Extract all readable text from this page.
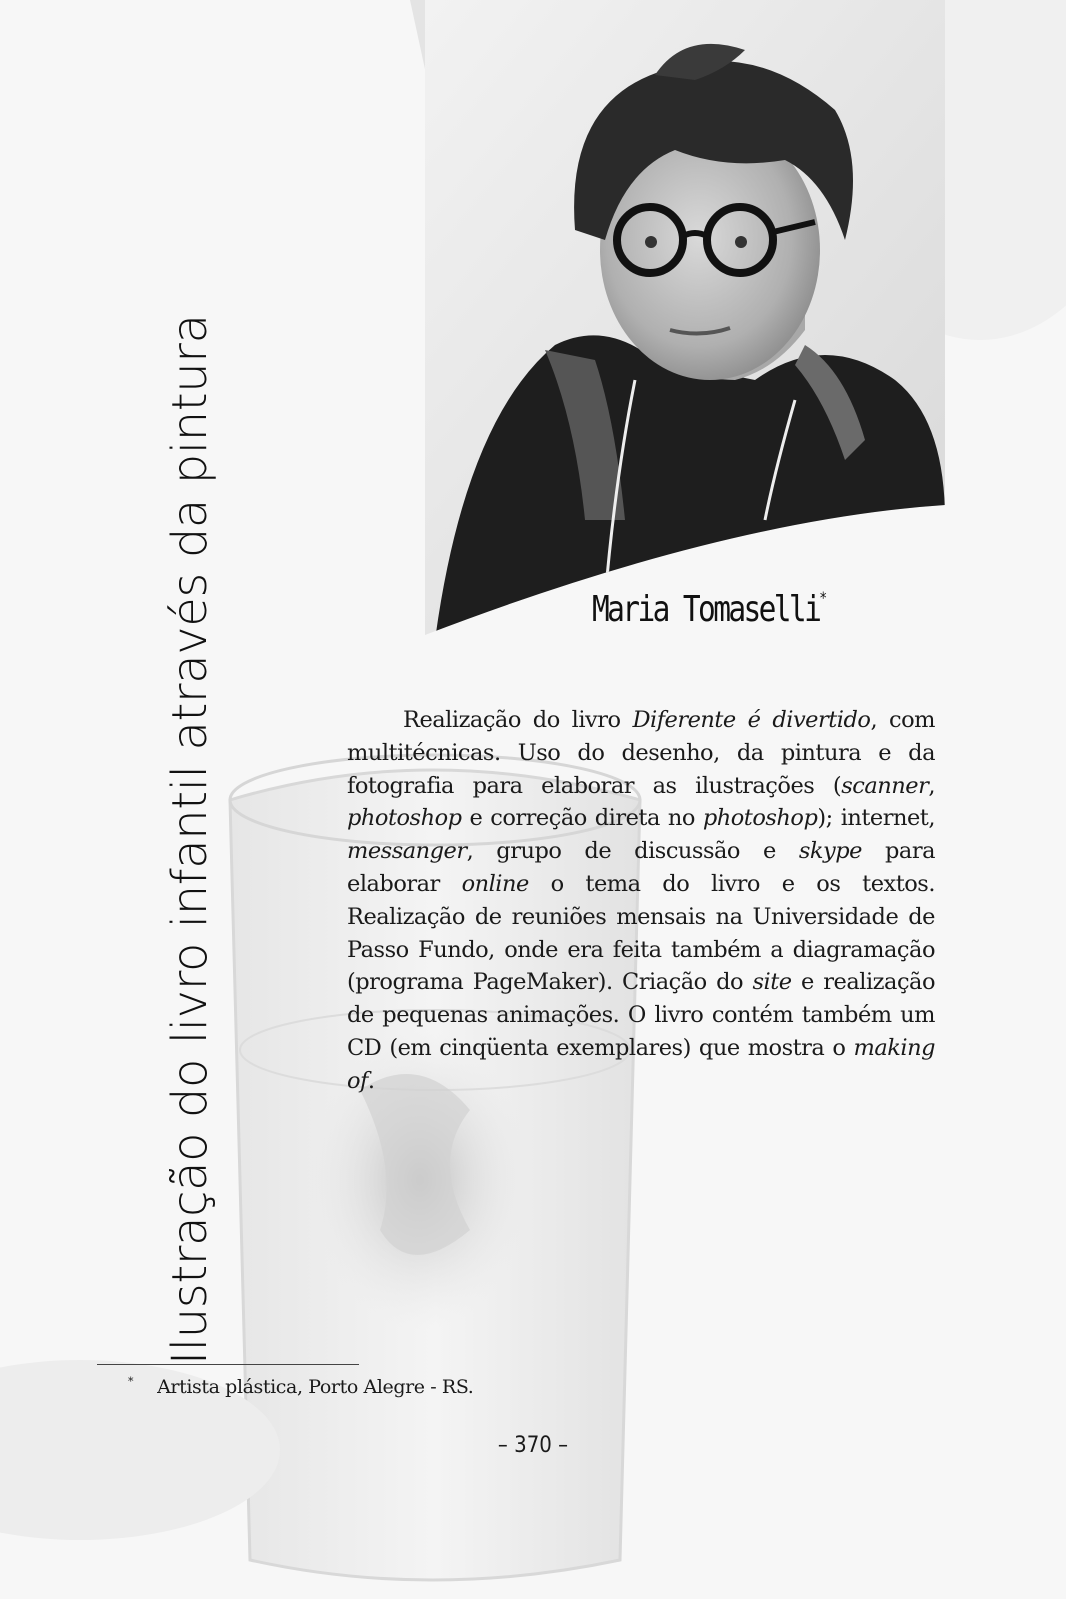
Ilustração do livro infantil através da pintura	Maria Tomaselli*

Realização do livro Diferente é divertido, com multitécnicas. Uso do desenho, da pintura e da fotografia para elaborar as ilustrações (scanner, photoshop e correção direta no photoshop); internet, messanger, grupo de discussão e skype para elaborar online o tema do livro e os textos. Realização de reuniões mensais na Universidade de Passo Fundo, onde era feita também a diagramação (programa PageMaker). Criação do site e realização de pequenas animações. O livro contém também um CD (em cinqüenta exemplares) que mostra o making of.

* Artista plástica, Porto Alegre - RS.
– 370 –
